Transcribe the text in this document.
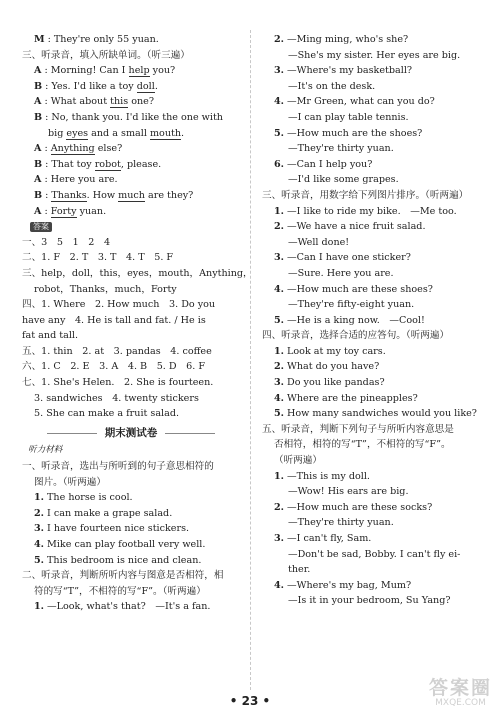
M : They're only 55 yuan.
三、听录音，填入所缺单词。（听三遍）
A : Morning! Can I help you?
B : Yes. I'd like a toy doll.
A : What about this one?
B : No, thank you. I'd like the one with
big eyes and a small mouth.
A : Anything else?
B : That toy robot, please.
A : Here you are.
B : Thanks. How much are they?
A : Forty yuan.
答案
一、3　5　1　2　4
二、1. F　2. T　3. T　4. T　5. F
三、help，doll，this，eyes，mouth，Anything，
robot，Thanks，much，Forty
四、1. Where　2. How much　3. Do you
have any　4. He is tall and fat. / He is
fat and tall.
五、1. thin　2. at　3. pandas　4. coffee
六、1. C　2. E　3. A　4. B　5. D　6. F
七、1. She's Helen.　2. She is fourteen.
3. sandwiches　4. twenty stickers
5. She can make a fruit salad.
期末测试卷
听力材料
一、听录音，选出与所听到的句子意思相符的
图片。（听两遍）
1. The horse is cool.
2. I can make a grape salad.
3. I have fourteen nice stickers.
4. Mike can play football very well.
5. This bedroom is nice and clean.
二、听录音，判断所听内容与图意是否相符，相
符的写“T”，不相符的写“F”。（听两遍）
1. —Look, what's that?　—It's a fan.
2. —Ming ming, who's she?
—She's my sister. Her eyes are big.
3. —Where's my basketball?
—It's on the desk.
4. —Mr Green, what can you do?
—I can play table tennis.
5. —How much are the shoes?
—They're thirty yuan.
6. —Can I help you?
—I'd like some grapes.
三、听录音，用数字给下列图片排序。（听两遍）
1. —I like to ride my bike.　—Me too.
2. —We have a nice fruit salad.
—Well done!
3. —Can I have one sticker?
—Sure. Here you are.
4. —How much are these shoes?
—They're fifty-eight yuan.
5. —He is a king now.　—Cool!
四、听录音，选择合适的应答句。（听两遍）
1. Look at my toy cars.
2. What do you have?
3. Do you like pandas?
4. Where are the pineapples?
5. How many sandwiches would you like?
五、听录音，判断下列句子与所听内容意思是
否相符，相符的写“T”，不相符的写“F”。
（听两遍）
1. —This is my doll.
—Wow! His ears are big.
2. —How much are these socks?
—They're thirty yuan.
3. —I can't fly, Sam.
—Don't be sad, Bobby. I can't fly ei-
ther.
4. —Where's my bag, Mum?
—Is it in your bedroom, Su Yang?
• 23 •
答案圈
MXQE.COM
